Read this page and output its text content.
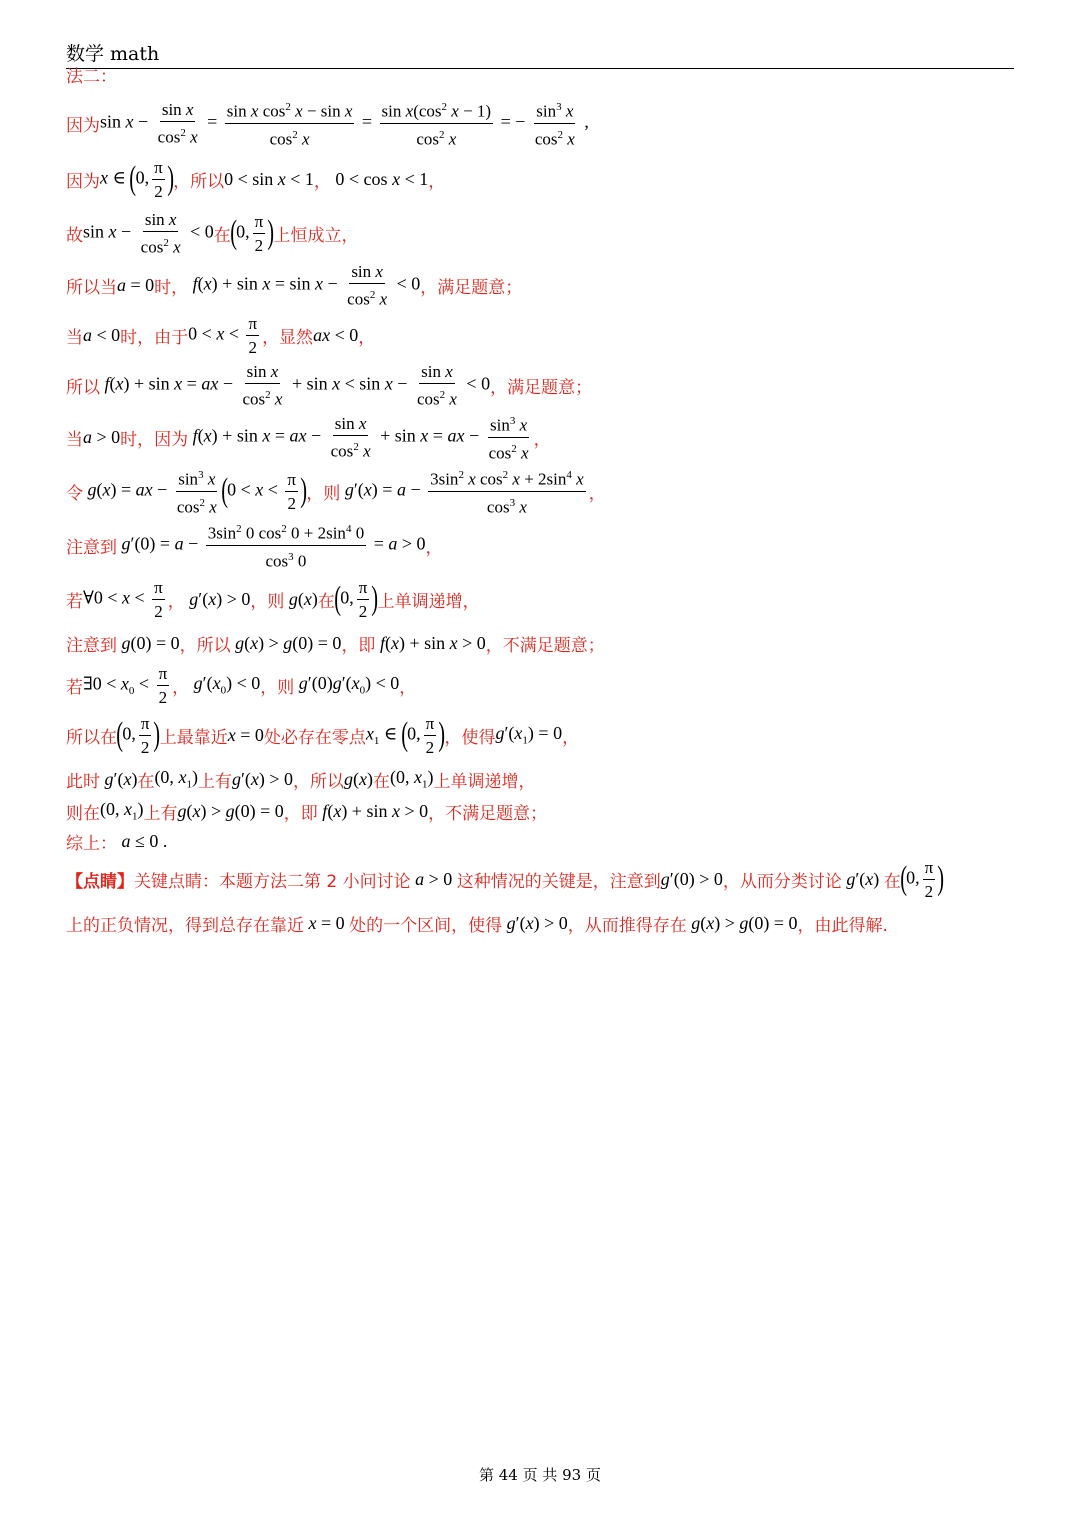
数学 math
法二：
因为 $\sin x - \frac{\text{sin x}}{\cos^2 x} = \frac{\sin x \cos^2 x - \sin x}{\cos^2 x} = \frac{\sin x(\cos^2 x - 1)}{\cos^2 x}$ = − $\frac{\sin^3 x}{\cos^2 x}$ ,
因为 x ∈ (0, $\frac{\pi}{2}$ ) ，所以 0 < sin x < 1 ， 0 < cos x < 1 ，
故 $\sin x - \frac{\text{sin x}}{\cos^2 x} < 0$ 在 (0, $\frac{\pi}{2}$ ) 上恒成立，
所以当 a = 0 时， $f(x) + \sin x = \sin x - \frac{\text{sin x}}{\cos^2 x} < 0$ ，满足题意；
当 a < 0 时，由于 $0 < x < \frac{\pi}{2}$ ，显然 ax < 0 ，
所以 f(x) + sin x = ax − $\frac{\text{sin x}}{\cos^2 x} + \sin x < \sin x - \frac{\text{sin x}}{\cos^2 x} < 0$ ，满足题意；
当 a > 0 时，因为 f(x) + sin x = ax − $\frac{\text{sin x}}{\cos^2 x} + \sin x$ = ax − $\frac{\sin^3 x}{\cos^2 x}$ ，
令 g(x) = ax − $\frac{\sin^3 x}{\cos^2 x} (0 < x < \frac{\pi}{2}$ ) ，则 $g'(x) = a - \frac{3\sin^2 x \cos^2 x + 2\sin^4 x}{\cos^3 x}$ ，
注意到 $g'(0) = a - \frac{3\sin^2 0 \cos^2 0 + 2\sin^4 0}{\cos^3 0} = a > 0$ ，
若 ∀0 < $x < \frac{\pi}{2}$ ， g′(x) > 0 ，则 g(x) 在 (0, $\frac{\pi}{2}$ ) 上单调递增，
注意到 g(0) = 0 ，所以 g(x) > g(0) = 0 ，即 f(x) + sin x > 0 ，不满足题意；
若 ∃0 < $x_0 < \frac{\pi}{2}$ ， $g'(x_0) < 0$ ，则 $g'(0)g'(x_0) < 0$ ，
所以在 (0, $\frac{\pi}{2}$ ) 上最靠近 x = 0 处必存在零点 $x_1$ ∈ (0, $\frac{\pi}{2}$ ) ，使得 $g'(x_1) = 0$ ，
此时 g′(x) 在 (0, $x_1$) 上有 g′(x) > 0 ，所以 g(x) 在 (0, $x_1$) 上单调递增，
则在 (0, $x_1$) 上有 g(x) > g(0) = 0 ，即 f(x) + sin x > 0 ，不满足题意；
综上： a ≤ 0 .
【点睛】 关键点睛：本题方法二第 2 小问讨论 a > 0 这种情况的关键是，注意到 g′(0) > 0 ，从而分类讨论 g′(x) 在 (0, $\frac{\pi}{2}$ )
上的正负情况，得到总存在靠近 x = 0 处的一个区间，使得 g′(x) > 0 ，从而推得存在 g(x) > g(0) = 0 ，由此得解.
第 44 页 共 93 页
